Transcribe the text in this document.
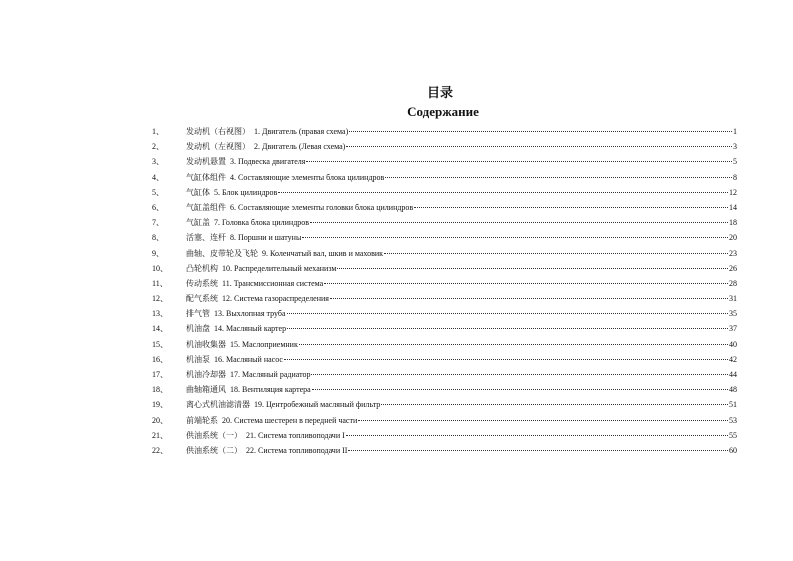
目录
Содержание
1、	发动机（右视图） 1. Двигатель (правая схема)	1
2、	发动机（左视图） 2. Двигатель (Левая схема)	3
3、	发动机悬置 3. Подвеска двигателя	5
4、	气缸体组件 4. Составляющие элементы блока цилиндров	8
5、	气缸体 5. Блок цилиндров	12
6、	气缸盖组件 6. Составляющие элементы головки блока цилиндров	14
7、	气缸盖 7. Головка блока цилиндров	18
8、	活塞、连杆 8. Поршни и шатуны	20
9、	曲轴、皮带轮及飞轮 9. Коленчатый вал, шкив и маховик	23
10、	凸轮机构 10. Распределительный механизм	26
11、	传动系统 11. Трансмиссионная система	28
12、	配气系统 12. Система газораспределения	31
13、	排气管 13. Выхлопная труба	35
14、	机油盘 14. Масляный картер	37
15、	机油收集器 15. Маслоприемник	40
16、	机油泵 16. Масляный насос	42
17、	机油冷却器 17. Масляный радиатор	44
18、	曲轴箱通风 18. Вентиляция картера	48
19、	离心式机油滤清器 19. Центробежный масляный фильтр	51
20、	前端轮系 20. Система шестерен в передней части	53
21、	供油系统（一） 21. Система топливоподачи I	55
22、	供油系统（二） 22. Система топливоподачи II	60
